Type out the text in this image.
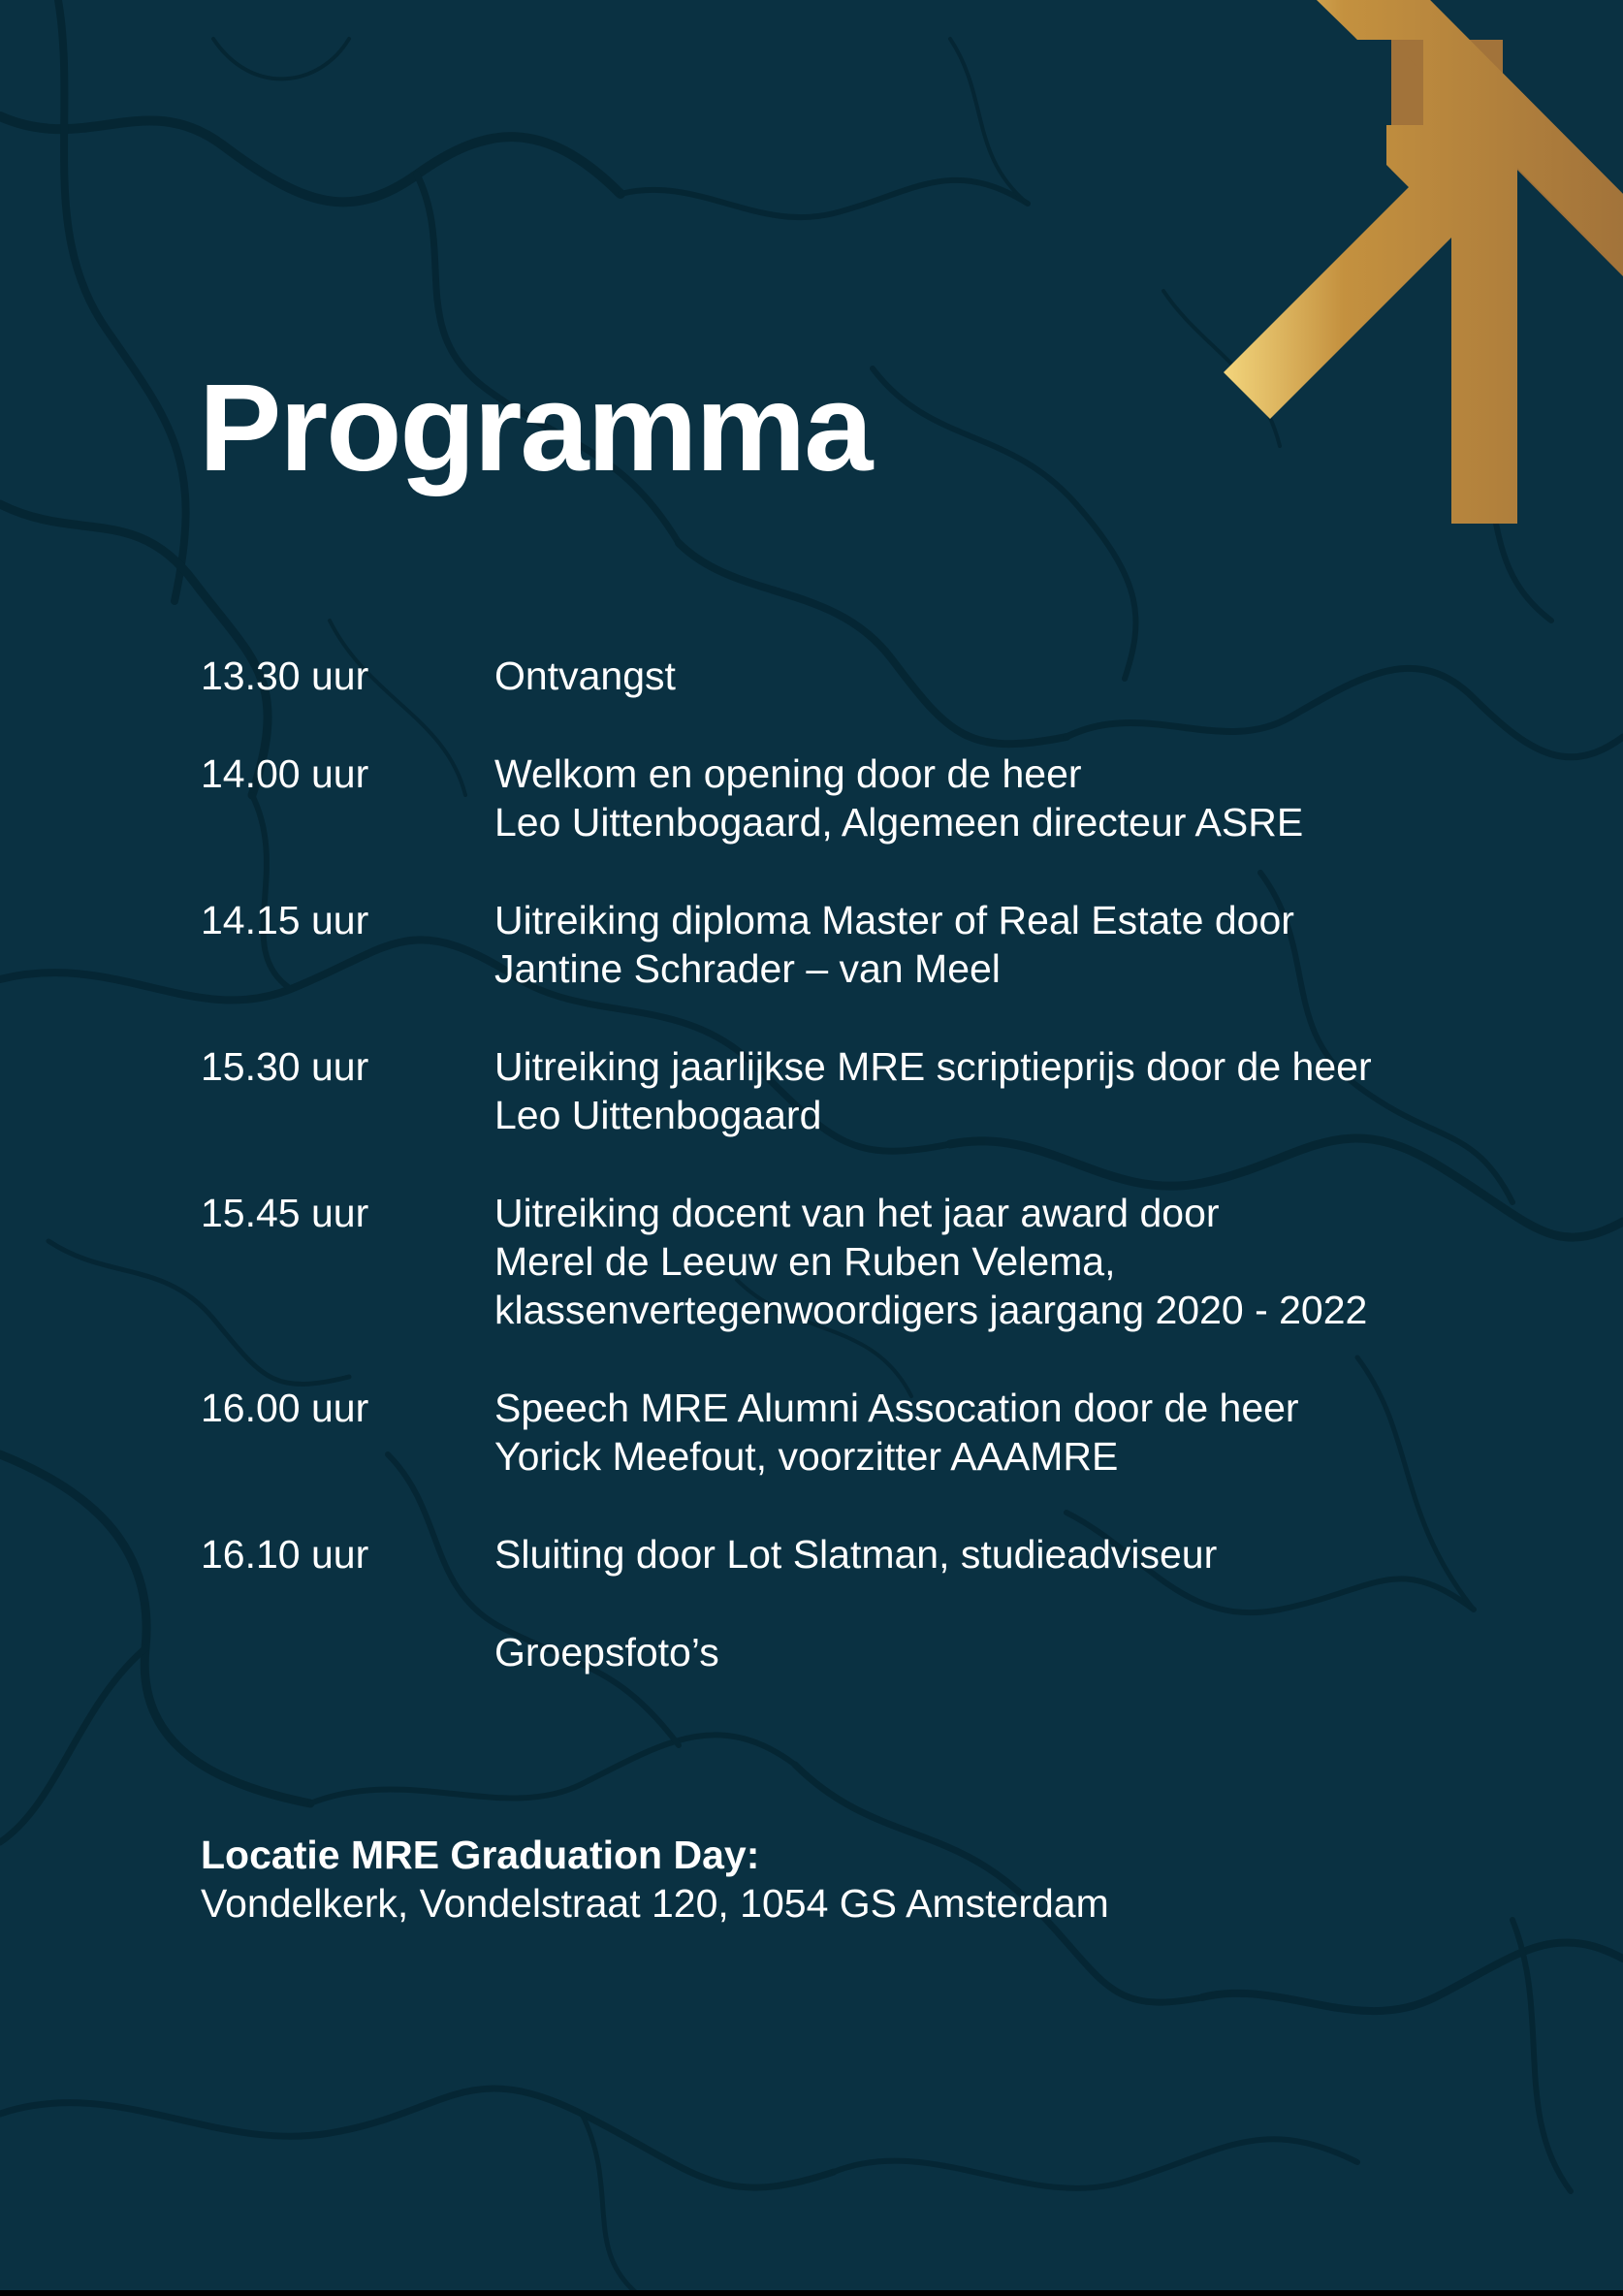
Programma
13.30 uur	Ontvangst
14.00 uur	Welkom en opening door de heer
Leo Uittenbogaard, Algemeen directeur ASRE
14.15 uur	Uitreiking diploma Master of Real Estate door
Jantine Schrader – van Meel
15.30 uur	Uitreiking jaarlijkse MRE scriptieprijs door de heer
Leo Uittenbogaard
15.45 uur	Uitreiking docent van het jaar award door
Merel de Leeuw en Ruben Velema,
klassenvertegenwoordigers jaargang 2020 - 2022
16.00 uur	Speech MRE Alumni Assocation door de heer
Yorick Meefout, voorzitter AAAMRE
16.10 uur	Sluiting door Lot Slatman, studieadviseur
Groepsfoto’s
Locatie MRE Graduation Day:
Vondelkerk, Vondelstraat 120, 1054 GS Amsterdam
